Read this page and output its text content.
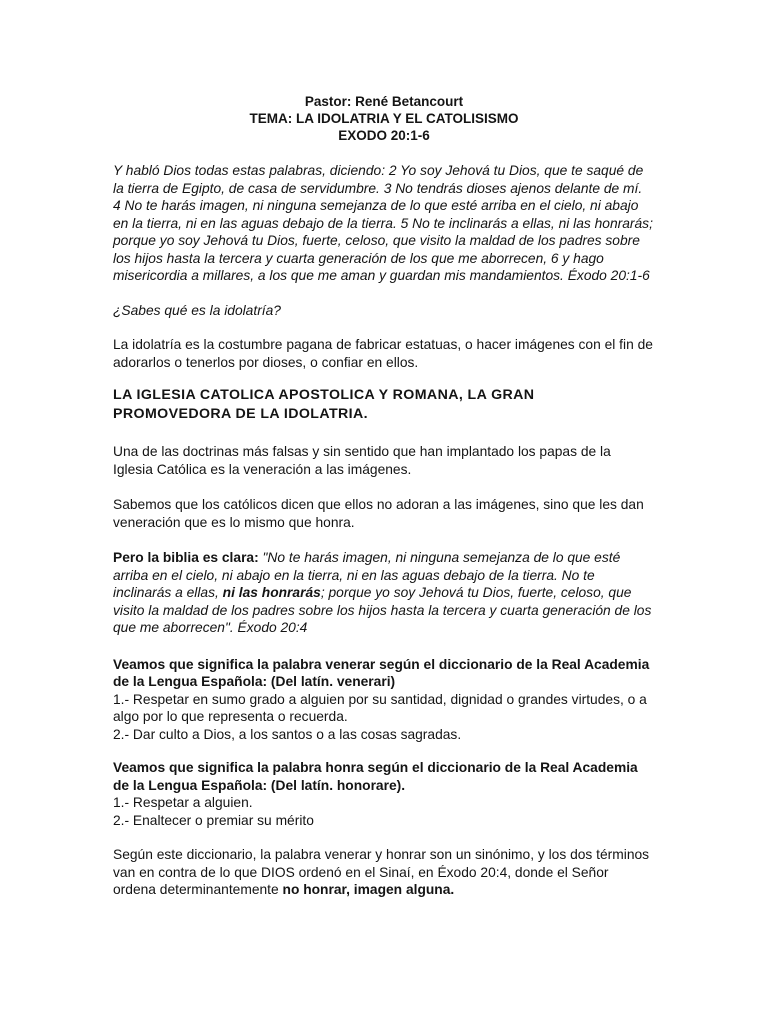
Pastor: René Betancourt
TEMA: LA IDOLATRIA Y EL CATOLISISMO
EXODO 20:1-6

Y habló Dios todas estas palabras, diciendo: 2 Yo soy Jehová tu Dios, que te saqué de la tierra de Egipto, de casa de servidumbre. 3 No tendrás dioses ajenos delante de mí. 4 No te harás imagen, ni ninguna semejanza de lo que esté arriba en el cielo, ni abajo en la tierra, ni en las aguas debajo de la tierra. 5 No te inclinarás a ellas, ni las honrarás; porque yo soy Jehová tu Dios, fuerte, celoso, que visito la maldad de los padres sobre los hijos hasta la tercera y cuarta generación de los que me aborrecen, 6 y hago misericordia a millares, a los que me aman y guardan mis mandamientos. Éxodo 20:1-6

¿Sabes qué es la idolatría?

La idolatría es la costumbre pagana de fabricar estatuas, o hacer imágenes con el fin de adorarlos o tenerlos por dioses, o confiar en ellos.

LA IGLESIA CATOLICA APOSTOLICA Y ROMANA, LA GRAN PROMOVEDORA DE LA IDOLATRIA.

Una de las doctrinas más falsas y sin sentido que han implantado los papas de la Iglesia Católica es la veneración a las imágenes.

Sabemos que los católicos dicen que ellos no adoran a las imágenes, sino que les dan veneración que es lo mismo que honra.

Pero la biblia es clara: "No te harás imagen, ni ninguna semejanza de lo que esté arriba en el cielo, ni abajo en la tierra, ni en las aguas debajo de la tierra. No te inclinarás a ellas, ni las honrarás; porque yo soy Jehová tu Dios, fuerte, celoso, que visito la maldad de los padres sobre los hijos hasta la tercera y cuarta generación de los que me aborrecen". Éxodo 20:4

Veamos que significa la palabra venerar según el diccionario de la Real Academia de la Lengua Española: (Del latín. venerari)

1.- Respetar en sumo grado a alguien por su santidad, dignidad o grandes virtudes, o a algo por lo que representa o recuerda.

2.- Dar culto a Dios, a los santos o a las cosas sagradas.

Veamos que significa la palabra honra según el diccionario de la Real Academia de la Lengua Española: (Del latín. honorare).

1.- Respetar a alguien.

2.- Enaltecer o premiar su mérito

Según este diccionario, la palabra venerar y honrar son un sinónimo, y los dos términos van en contra de lo que DIOS ordenó en el Sinaí, en Éxodo 20:4, donde el Señor ordena determinantemente no honrar, imagen alguna.
